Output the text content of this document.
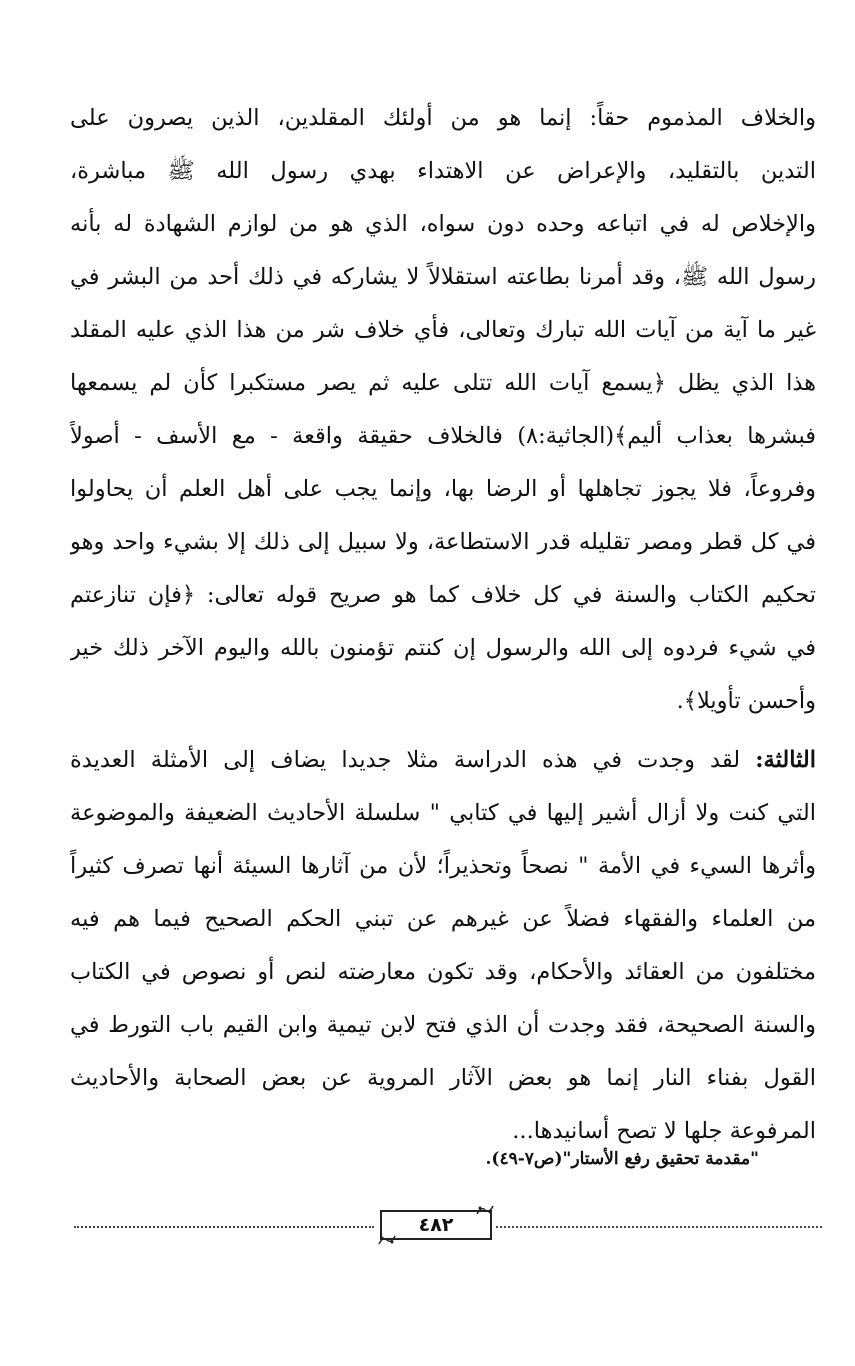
والخلاف المذموم حقاً: إنما هو من أولئك المقلدين، الذين يصرون على
التدين بالتقليد، والإعراض عن الاهتداء بهدي رسول الله ﷺ مباشرة،
والإخلاص له في اتباعه وحده دون سواه، الذي هو من لوازم الشهادة له بأنه
رسول الله ﷺ، وقد أمرنا بطاعته استقلالاً لا يشاركه في ذلك أحد من البشر في
غير ما آية من آيات الله تبارك وتعالى، فأي خلاف شر من هذا الذي عليه المقلد
هذا الذي يظل ﴿يسمع آيات الله تتلى عليه ثم يصر مستكبرا كأن لم يسمعها
فبشرها بعذاب أليم﴾(الجاثية:٨) فالخلاف حقيقة واقعة - مع الأسف - أصولاً
وفروعاً، فلا يجوز تجاهلها أو الرضا بها، وإنما يجب على أهل العلم أن يحاولوا
في كل قطر ومصر تقليله قدر الاستطاعة، ولا سبيل إلى ذلك إلا بشيء واحد وهو
تحكيم الكتاب والسنة في كل خلاف كما هو صريح قوله تعالى: ﴿فإن تنازعتم
في شيء فردوه إلى الله والرسول إن كنتم تؤمنون بالله واليوم الآخر ذلك خير
وأحسن تأويلا﴾.
الثالثة: لقد وجدت في هذه الدراسة مثلا جديدا يضاف إلى الأمثلة العديدة
التي كنت ولا أزال أشير إليها في كتابي " سلسلة الأحاديث الضعيفة والموضوعة
وأثرها السيء في الأمة " نصحاً وتحذيراً؛ لأن من آثارها السيئة أنها تصرف كثيراً
من العلماء والفقهاء فضلاً عن غيرهم عن تبني الحكم الصحيح فيما هم فيه
مختلفون من العقائد والأحكام، وقد تكون معارضته لنص أو نصوص في الكتاب
والسنة الصحيحة، فقد وجدت أن الذي فتح لابن تيمية وابن القيم باب التورط في
القول بفناء النار إنما هو بعض الآثار المروية عن بعض الصحابة والأحاديث
المرفوعة جلها لا تصح أسانيدها...
"مقدمة تحقيق رفع الأستار"(ص٧-٤٩).
٤٨٢
